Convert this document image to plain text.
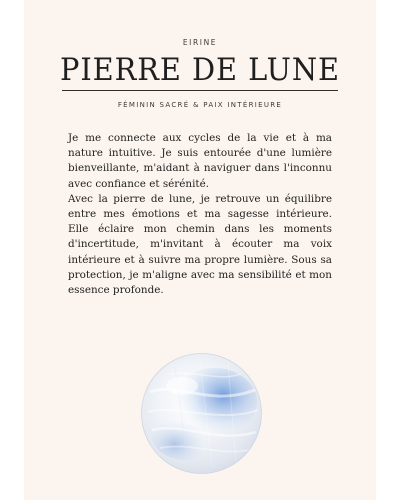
EIRINE
PIERRE DE LUNE
FÉMININ SACRÉ & PAIX INTÉRIEURE

Je me connecte aux cycles de la vie et à ma nature intuitive. Je suis entourée d'une lumière bienveillante, m'aidant à naviguer dans l'inconnu avec confiance et sérénité.

Avec la pierre de lune, je retrouve un équilibre entre mes émotions et ma sagesse intérieure. Elle éclaire mon chemin dans les moments d'incertitude, m'invitant à écouter ma voix intérieure et à suivre ma propre lumière. Sous sa protection, je m'aligne avec ma sensibilité et mon essence profonde.
